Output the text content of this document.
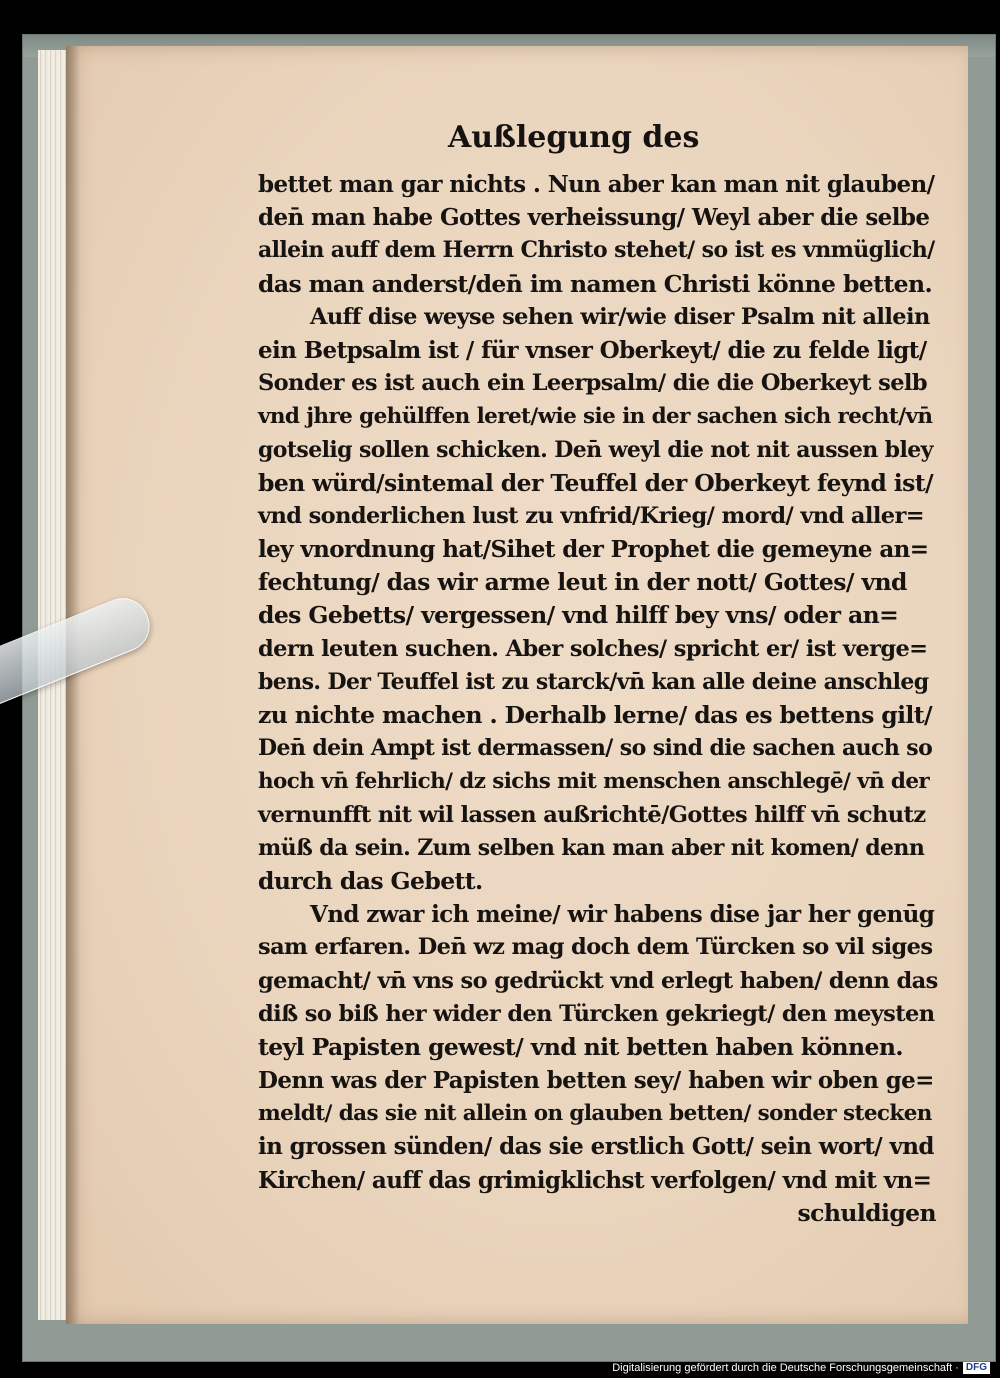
Außlegung des
bettet man gar nichts . Nun aber kan man nit glauben/
den̄ man habe Gottes verheissung/ Weyl aber die selbe
allein auff dem Herrn Christo stehet/ so ist es vnmüglich/
das man anderst/den̄ im namen Christi könne betten.
Auff dise weyse sehen wir/wie diser Psalm nit allein
ein Betpsalm ist / für vnser Oberkeyt/ die zu felde ligt/
Sonder es ist auch ein Leerpsalm/ die die Oberkeyt selb
vnd jhre gehülffen leret/wie sie in der sachen sich recht/vn̄
gotselig sollen schicken. Den̄ weyl die not nit aussen bley
ben würd/sintemal der Teuffel der Oberkeyt feynd ist/
vnd sonderlichen lust zu vnfrid/Krieg/ mord/ vnd aller=
ley vnordnung hat/Sihet der Prophet die gemeyne an=
fechtung/ das wir arme leut in der nott/ Gottes/ vnd
des Gebetts/ vergessen/ vnd hilff bey vns/ oder an=
dern leuten suchen. Aber solches/ spricht er/ ist verge=
bens. Der Teuffel ist zu starck/vn̄ kan alle deine anschleg
zu nichte machen . Derhalb lerne/ das es bettens gilt/
Den̄ dein Ampt ist dermassen/ so sind die sachen auch so
hoch vn̄ fehrlich/ dz sichs mit menschen anschlegē/ vn̄ der
vernunfft nit wil lassen außrichtē/Gottes hilff vn̄ schutz
müß da sein. Zum selben kan man aber nit komen/ denn
durch das Gebett.
Vnd zwar ich meine/ wir habens dise jar her genūg
sam erfaren. Den̄ wz mag doch dem Türcken so vil siges
gemacht/ vn̄ vns so gedrückt vnd erlegt haben/ denn das
diß so biß her wider den Türcken gekriegt/ den meysten
teyl Papisten gewest/ vnd nit betten haben können.
Denn was der Papisten betten sey/ haben wir oben ge=
meldt/ das sie nit allein on glauben betten/ sonder stecken
in grossen sünden/ das sie erstlich Gott/ sein wort/ vnd
Kirchen/ auff das grimigklichst verfolgen/ vnd mit vn=
schuldigen
Digitalisierung gefördert durch die Deutsche Forschungsgemeinschaft · DFG
